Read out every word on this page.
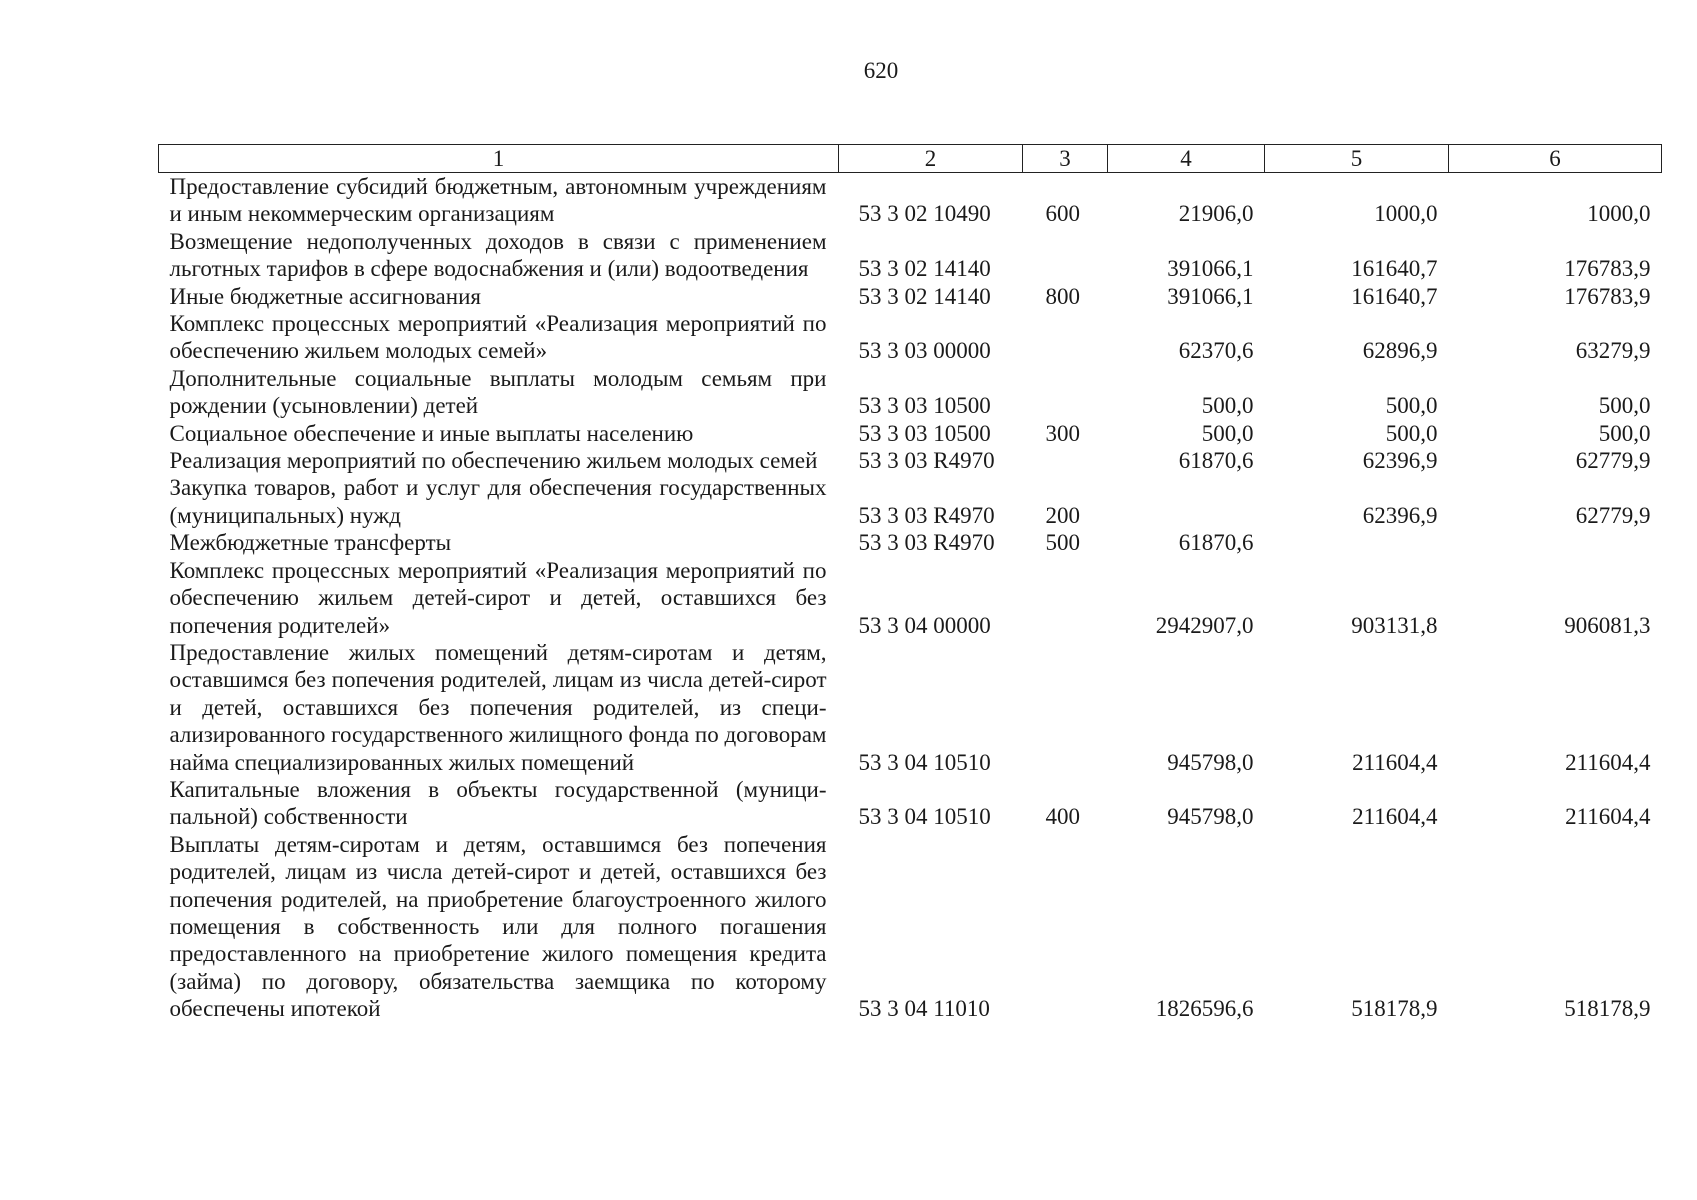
620
1	2	3	4	5	6
Предоставление субсидий бюджетным, автономным учреждениям и иным некоммерческим организациям	53 3 02 10490	600	21906,0	1000,0	1000,0
Возмещение недополученных доходов в связи с применением льготных тарифов в сфере водоснабжения и (или) водоотведения	53 3 02 14140		391066,1	161640,7	176783,9
Иные бюджетные ассигнования	53 3 02 14140	800	391066,1	161640,7	176783,9
Комплекс процессных мероприятий «Реализация мероприятий по обеспечению жильем молодых семей»	53 3 03 00000		62370,6	62896,9	63279,9
Дополнительные социальные выплаты молодым семьям при рождении (усыновлении) детей	53 3 03 10500		500,0	500,0	500,0
Социальное обеспечение и иные выплаты населению	53 3 03 10500	300	500,0	500,0	500,0
Реализация мероприятий по обеспечению жильем молодых семей	53 3 03 R4970		61870,6	62396,9	62779,9
Закупка товаров, работ и услуг для обеспечения государственных (муниципальных) нужд	53 3 03 R4970	200		62396,9	62779,9
Межбюджетные трансферты	53 3 03 R4970	500	61870,6		
Комплекс процессных мероприятий «Реализация мероприятий по обеспечению жильем детей-сирот и детей, оставшихся без попечения родителей»	53 3 04 00000		2942907,0	903131,8	906081,3
Предоставление жилых помещений детям-сиротам и детям, оставшимся без попечения родителей, лицам из числа детей-сирот и детей, оставшихся без попечения родителей, из специализированного государственного жилищного фонда по договорам найма специализированных жилых помещений	53 3 04 10510		945798,0	211604,4	211604,4
Капитальные вложения в объекты государственной (муниципальной) собственности	53 3 04 10510	400	945798,0	211604,4	211604,4
Выплаты детям-сиротам и детям, оставшимся без попечения родителей, лицам из числа детей-сирот и детей, оставшихся без попечения родителей, на приобретение благоустроенного жилого помещения в собственность или для полного погашения предоставленного на приобретение жилого помещения кредита (займа) по договору, обязательства заемщика по которому обеспечены ипотекой	53 3 04 11010		1826596,6	518178,9	518178,9
